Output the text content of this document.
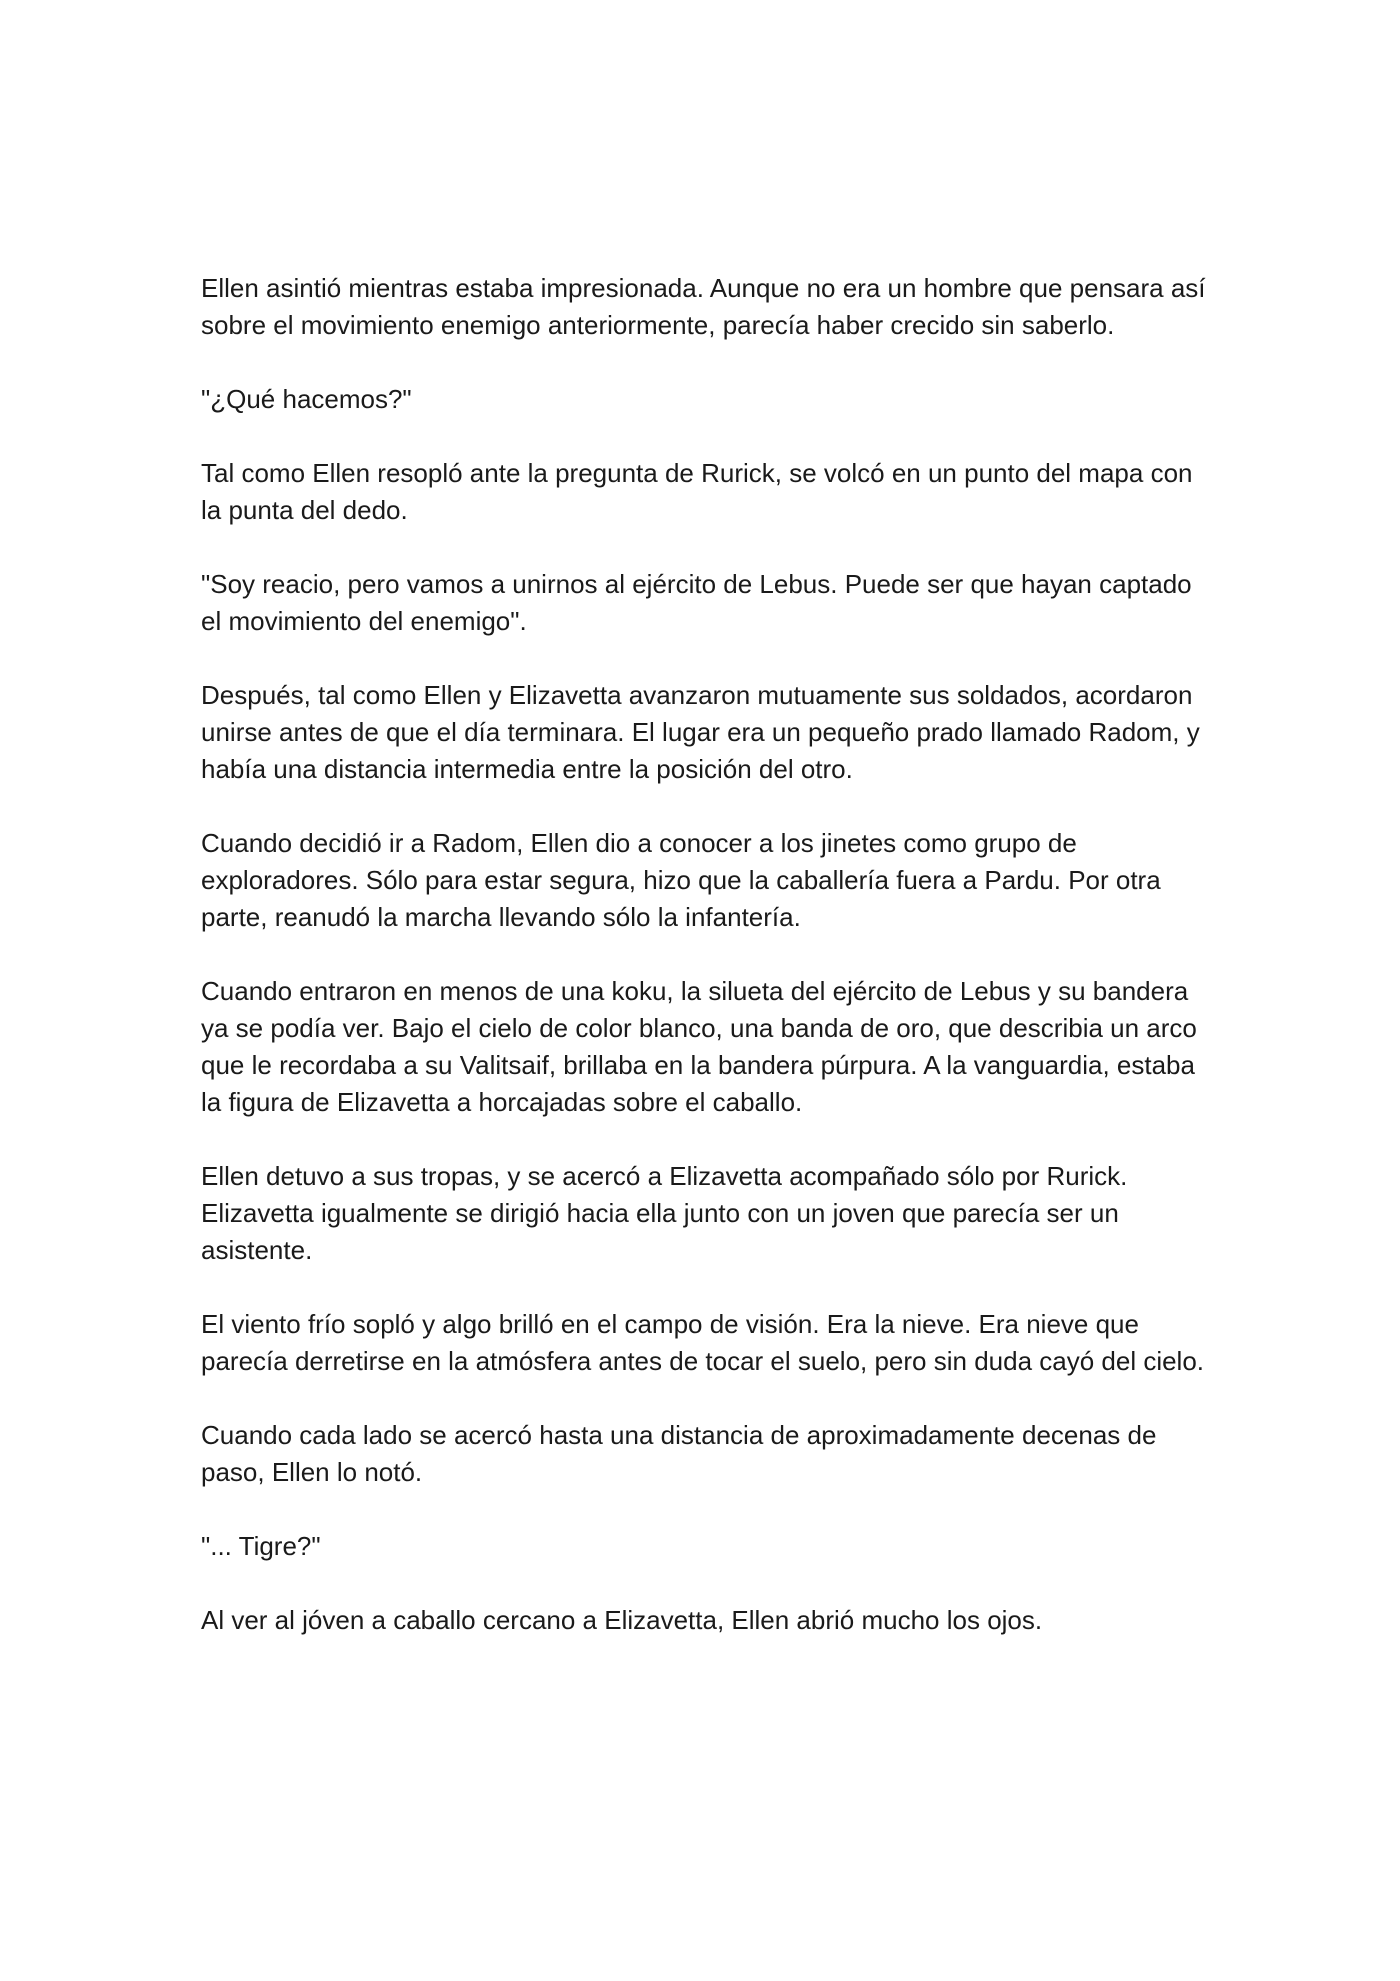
Ellen asintió mientras estaba impresionada. Aunque no era un hombre que pensara así sobre el movimiento enemigo anteriormente, parecía haber crecido sin saberlo.

"¿Qué hacemos?"

Tal como Ellen resopló ante la pregunta de Rurick, se volcó en un punto del mapa con la punta del dedo.

"Soy reacio, pero vamos a unirnos al ejército de Lebus. Puede ser que hayan captado el movimiento del enemigo".

Después, tal como Ellen y Elizavetta avanzaron mutuamente sus soldados, acordaron unirse antes de que el día terminara. El lugar era un pequeño prado llamado Radom, y había una distancia intermedia entre la posición del otro.

Cuando decidió ir a Radom, Ellen dio a conocer a los jinetes como grupo de exploradores. Sólo para estar segura, hizo que la caballería fuera a Pardu. Por otra parte, reanudó la marcha llevando sólo la infantería.

Cuando entraron en menos de una koku, la silueta del ejército de Lebus y su bandera ya se podía ver. Bajo el cielo de color blanco, una banda de oro, que describia un arco que le recordaba a su Valitsaif, brillaba en la bandera púrpura. A la vanguardia, estaba la figura de Elizavetta a horcajadas sobre el caballo.

Ellen detuvo a sus tropas, y se acercó a Elizavetta acompañado sólo por Rurick. Elizavetta igualmente se dirigió hacia ella junto con un joven que parecía ser un asistente.

El viento frío sopló y algo brilló en el campo de visión. Era la nieve. Era nieve que parecía derretirse en la atmósfera antes de tocar el suelo, pero sin duda cayó del cielo.

Cuando cada lado se acercó hasta una distancia de aproximadamente decenas de paso, Ellen lo notó.

"... Tigre?"

Al ver al jóven a caballo cercano a Elizavetta, Ellen abrió mucho los ojos.
